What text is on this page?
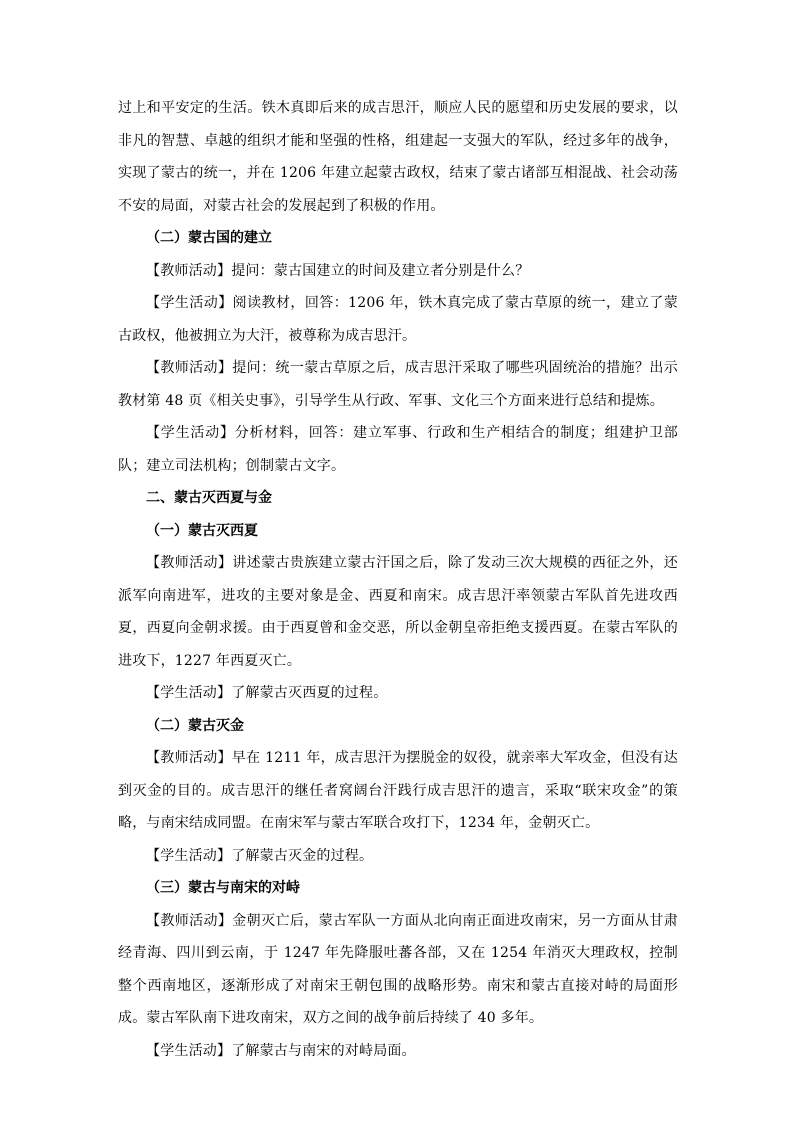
过上和平安定的生活。铁木真即后来的成吉思汗，顺应人民的愿望和历史发展的要求，以非凡的智慧、卓越的组织才能和坚强的性格，组建起一支强大的军队，经过多年的战争，实现了蒙古的统一，并在 1206 年建立起蒙古政权，结束了蒙古诸部互相混战、社会动荡不安的局面，对蒙古社会的发展起到了积极的作用。

（二）蒙古国的建立

【教师活动】提问：蒙古国建立的时间及建立者分别是什么？

【学生活动】阅读教材，回答：1206 年，铁木真完成了蒙古草原的统一，建立了蒙古政权，他被拥立为大汗，被尊称为成吉思汗。

【教师活动】提问：统一蒙古草原之后，成吉思汗采取了哪些巩固统治的措施？出示教材第 48 页《相关史事》，引导学生从行政、军事、文化三个方面来进行总结和提炼。

【学生活动】分析材料，回答：建立军事、行政和生产相结合的制度；组建护卫部队；建立司法机构；创制蒙古文字。

二、蒙古灭西夏与金

（一）蒙古灭西夏

【教师活动】讲述蒙古贵族建立蒙古汗国之后，除了发动三次大规模的西征之外，还派军向南进军，进攻的主要对象是金、西夏和南宋。成吉思汗率领蒙古军队首先进攻西夏，西夏向金朝求援。由于西夏曾和金交恶，所以金朝皇帝拒绝支援西夏。在蒙古军队的进攻下，1227 年西夏灭亡。

【学生活动】了解蒙古灭西夏的过程。

（二）蒙古灭金

【教师活动】早在 1211 年，成吉思汗为摆脱金的奴役，就亲率大军攻金，但没有达到灭金的目的。成吉思汗的继任者窝阔台汗践行成吉思汗的遗言，采取“联宋攻金”的策略，与南宋结成同盟。在南宋军与蒙古军联合攻打下，1234 年，金朝灭亡。

【学生活动】了解蒙古灭金的过程。

（三）蒙古与南宋的对峙

【教师活动】金朝灭亡后，蒙古军队一方面从北向南正面进攻南宋，另一方面从甘肃经青海、四川到云南，于 1247 年先降服吐蕃各部，又在 1254 年消灭大理政权，控制整个西南地区，逐渐形成了对南宋王朝包围的战略形势。南宋和蒙古直接对峙的局面形成。蒙古军队南下进攻南宋，双方之间的战争前后持续了 40 多年。

【学生活动】了解蒙古与南宋的对峙局面。
